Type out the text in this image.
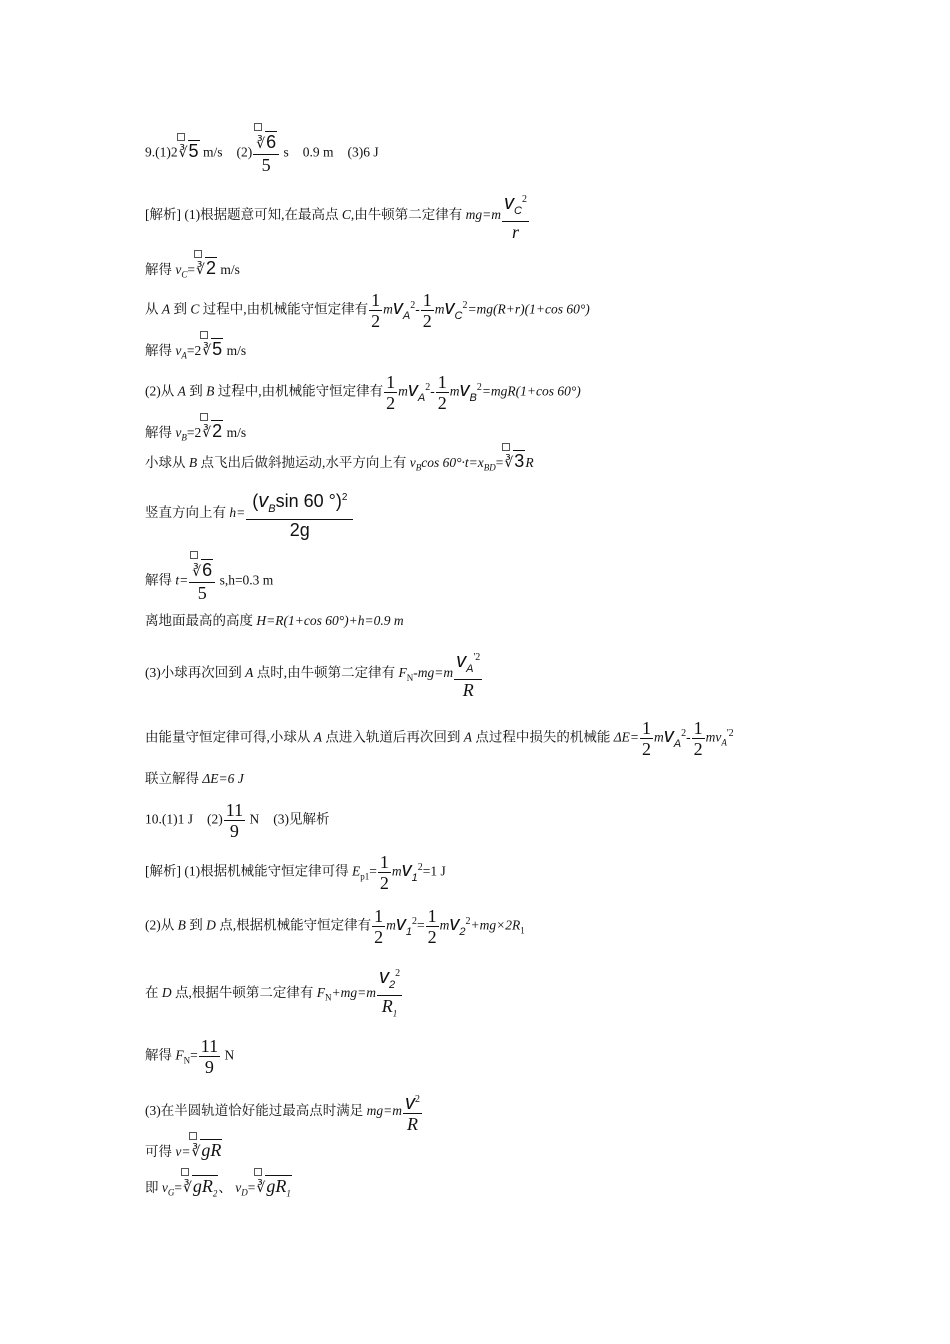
9.(1)2
∛5 m/s $(2) \frac{∛6}{5}$ s 0.9 m (3)6 J
[解析] (1)根据题意可知,在最高点 C,由牛顿第二定律有 $mg=m \frac{v_C^2}{r}$
解得 $v_C=$
∛2 m/s
从 A 到 C 过程中,由机械能守恒定律有 $\frac{1}{2} mv_A^2- \frac{1}{2} mv_C^2=mg(R+r)(1+\cos$ 60°)
解得 $v_A=2$
∛5 m/s
(2)从 A 到 B 过程中,由机械能守恒定律有 $\frac{1}{2} mv_A^2- \frac{1}{2} mv_B^2=mgR(1+\cos$ 60°)
解得 $v_B=2$
∛2 m/s
小球从 B 点飞出后做斜抛运动,水平方向上有 $v_B\cos$ $60^\circ\cdot t=x_{BD}=$
∛3R
竖直方向上有 $h= \frac{(v_B\sin 60 ^\circ)^2}{2g}$
解得 $t= \frac{∛6}{5} s,h=0.3$ m
离地面最高的高度 H=R(1+cos 60°)+h=0.9 m
(3)小球再次回到 A 点时,由牛顿第二定律有 $F_N-mg=m \frac{v_A^{'2}}{R}$
由能量守恒定律可得,小球从 A 点进入轨道后再次回到 A 点过程中损失的机械能 $\Delta E= \frac{1}{2} mv_A^2- \frac{1}{2} mv_A^{'2}$
联立解得 ΔE=6 J
10.(1)1 J $(2) \frac{11}{9}$ N (3)见解析
[解析] (1)根据机械能守恒定律可得 $E_{p1}= \frac{1}{2} mv_1^2=1$ J
(2)从 B 到 D 点,根据机械能守恒定律有 $\frac{1}{2} mv_1^2= \frac{1}{2} mv_2^2+mg\times 2R_1$
在 D 点,根据牛顿第二定律有 $F_N+mg=m \frac{v_2^2}{R_1}$
解得 $F_N= \frac{11}{9}$ N
(3)在半圆轨道恰好能过最高点时满足 $mg=m \frac{v^2}{R}$
可得 v=
∛gR
即 $v_G=$
$∛gR_2$、 $v_D=$
$∛gR_1$
